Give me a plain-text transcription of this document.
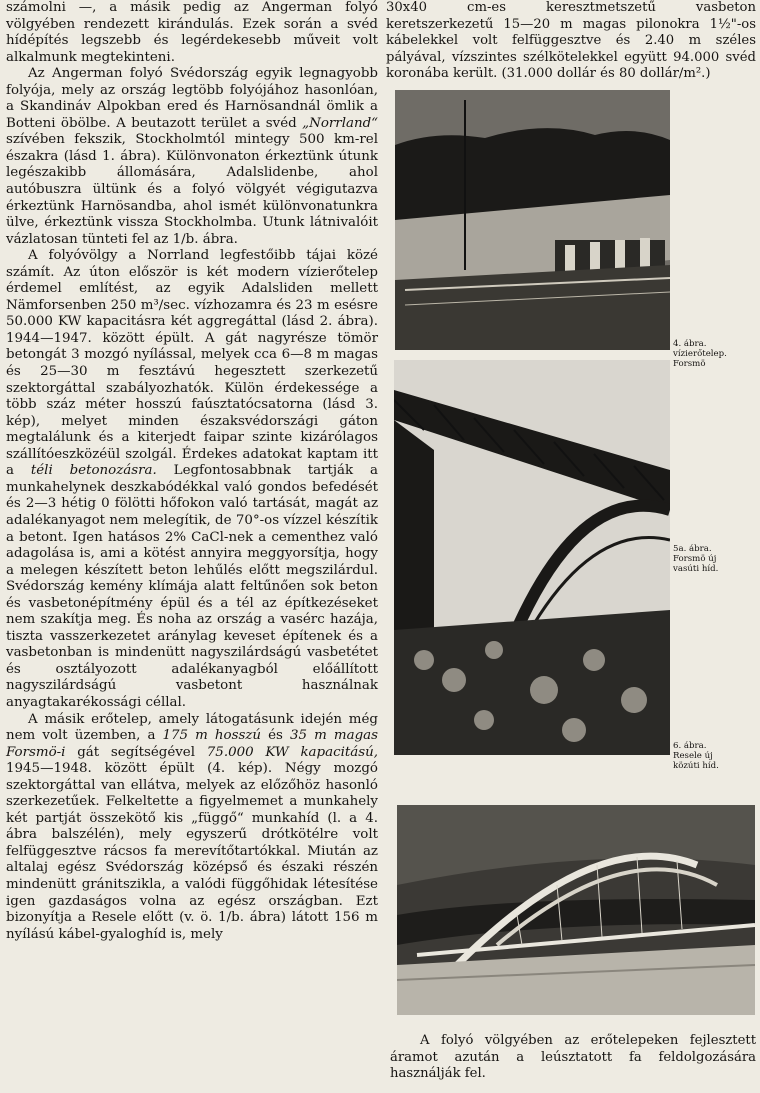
számolni —, a másik pedig az Angerman folyó völgyében rendezett kirándulás. Ezek során a svéd hídépítés legszebb és legérdekesebb műveit volt alkalmunk megtekinteni.

Az Angerman folyó Svédország egyik legnagyobb folyója, mely az ország legtöbb folyójához hasonlóan, a Skandináv Alpokban ered és Harnösandnál ömlik a Botteni öbölbe. A beutazott terület a svéd „Norrland“ szívében fekszik, Stockholmtól mintegy 500 km-rel északra (lásd 1. ábra). Különvonaton érkeztünk útunk legészakibb állomására, Adalslidenbe, ahol autóbuszra ültünk és a folyó völgyét végigutazva érkeztünk Harnösandba, ahol ismét különvonatunkra ülve, érkeztünk vissza Stockholmba. Utunk látnivalóit vázlatosan tünteti fel az 1/b. ábra.

A folyóvölgy a Norrland legfestőibb tájai közé számít. Az úton először is két modern vízierőtelep érdemel említést, az egyik Adalsliden mellett Nämforsenben 250 m³/sec. vízhozamra és 23 m esésre 50.000 KW kapacitásra két aggregáttal (lásd 2. ábra). 1944—1947. között épült. A gát nagyrésze tömör betongát 3 mozgó nyílással, melyek cca 6—8 m magas és 25—30 m fesztávú hegesztett szerkezetű szektorgáttal szabályozhatók. Külön érdekessége a több száz méter hosszú faúsztatócsatorna (lásd 3. kép), melyet minden északsvédországi gáton megtalálunk és a kiterjedt faipar szinte kizárólagos szállítóeszközéül szolgál. Érdekes adatokat kaptam itt a téli betonozásra. Legfontosabbnak tartják a munkahelynek deszkabódékkal való gondos befedését és 2—3 hétig 0 fölötti hőfokon való tartását, magát az adalékanyagot nem melegítik, de 70°-os vízzel készítik a betont. Igen hatásos 2% CaCl-nek a cementhez való adagolása is, ami a kötést annyira meggyorsítja, hogy a melegen készített beton lehűlés előtt megszilárdul. Svédország kemény klímája alatt feltűnően sok beton és vasbetonépítmény épül és a tél az építkezéseket nem szakítja meg. És noha az ország a vasérc hazája, tiszta vasszerkezetet aránylag keveset építenek és a vasbetonban is mindenütt nagyszilárdságú vasbetétet és osztályozott adalékanyagból előállított nagyszilárdságú vasbetont használnak anyagtakarékossági céllal.

A másik erőtelep, amely látogatásunk idején még nem volt üzemben, a 175 m hosszú és 35 m magas Forsmö-i gát segítségével 75.000 KW kapacitású, 1945—1948. között épült (4. kép). Négy mozgó szektorgáttal van ellátva, melyek az előzőhöz hasonló szerkezetűek. Felkeltette a figyelmemet a munkahely két partját összekötő kis „függő“ munkahíd (l. a 4. ábra balszélén), mely egyszerű drótkötélre volt felfüggesztve rácsos fa merevítőtartókkal. Miután az altalaj egész Svédország középső és északi részén mindenütt gránitszikla, a valódi függőhidak létesítése igen gazdaságos volna az egész országban. Ezt bizonyítja a Resele előtt (v. ö. 1/b. ábra) látott 156 m nyílású kábel-gyaloghíd is, mely

30x40 cm-es keresztmetszetű vasbeton keretszerkezetű 15—20 m magas pilonokra 1½"-os kábelekkel volt felfüggesztve és 2.40 m széles pályával, vízszintes szélkötelekkel együtt 94.000 svéd koronába került. (31.000 dollár és 80 dollár/m².)

4. ábra.
vízierőtelep.
Forsmö
5a. ábra.
Forsmö új
vasúti híd.
6. ábra.
Resele új
közúti híd.

A folyó völgyében az erőtelepeken fejlesztett áramot azután a leúsztatott fa feldolgozására használják fel.
